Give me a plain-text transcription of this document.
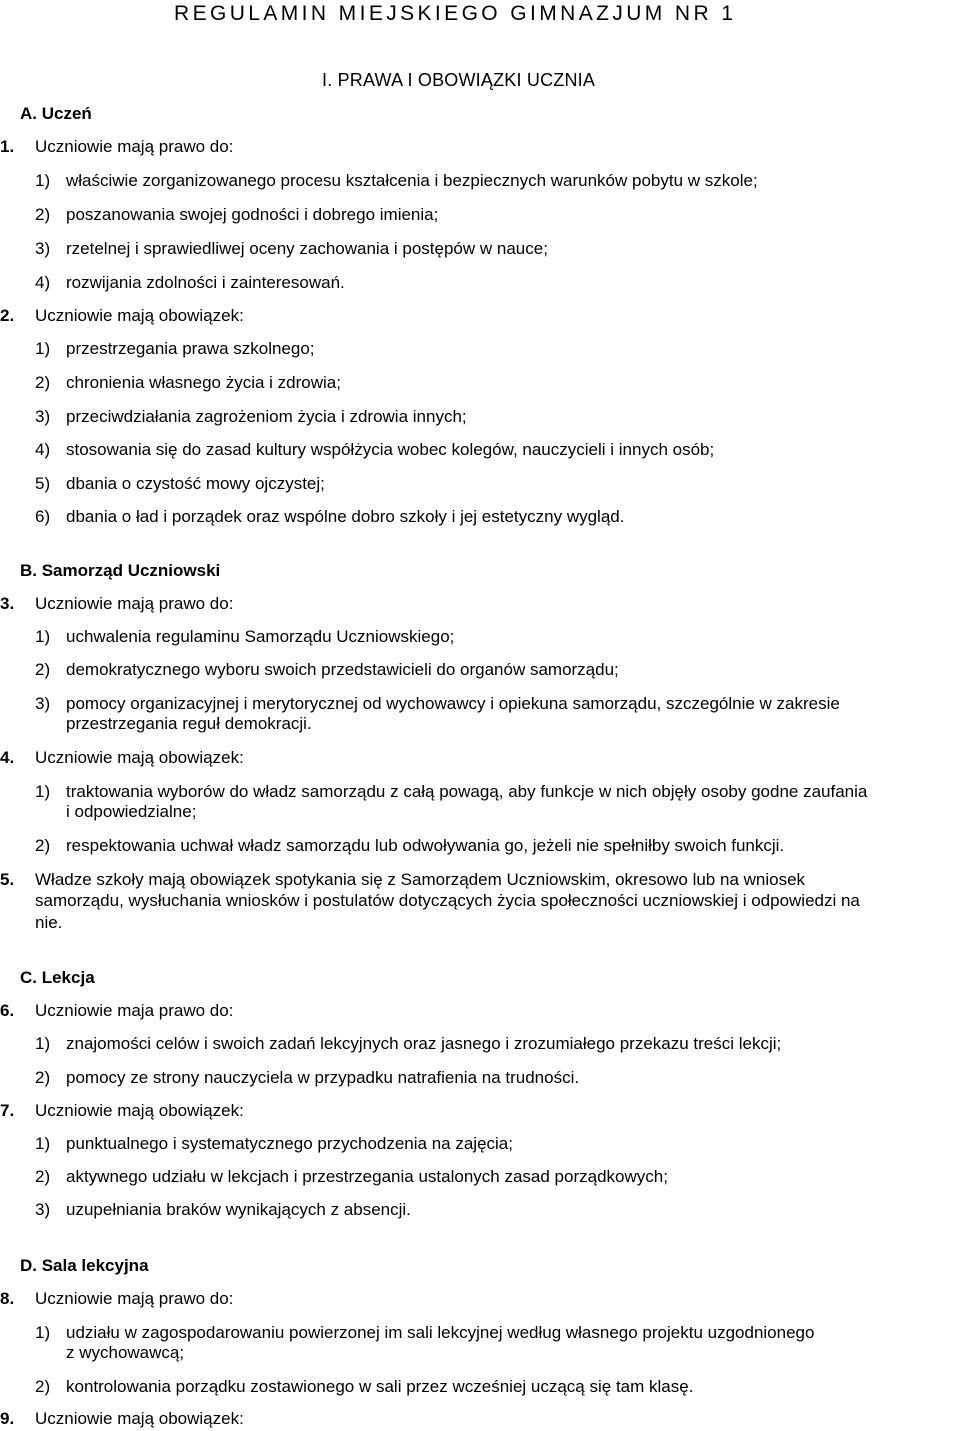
REGULAMIN MIEJSKIEGO GIMNAZJUM NR 1
I. PRAWA I OBOWIĄZKI UCZNIA
A. Uczeń
1.	Uczniowie mają prawo do:
1) właściwie zorganizowanego procesu kształcenia i bezpiecznych warunków pobytu w szkole;
2) poszanowania swojej godności i dobrego imienia;
3) rzetelnej i sprawiedliwej oceny zachowania i postępów w nauce;
4) rozwijania zdolności i zainteresowań.
2.	Uczniowie mają obowiązek:
1) przestrzegania prawa szkolnego;
2) chronienia własnego życia i zdrowia;
3) przeciwdziałania zagrożeniom życia i zdrowia innych;
4) stosowania się do zasad kultury współżycia wobec kolegów, nauczycieli i innych osób;
5) dbania o czystość mowy ojczystej;
6) dbania o ład i porządek oraz wspólne dobro szkoły i jej estetyczny wygląd.
B. Samorząd Uczniowski
3.	Uczniowie mają prawo do:
1) uchwalenia regulaminu Samorządu Uczniowskiego;
2) demokratycznego wyboru swoich przedstawicieli do organów samorządu;
3) pomocy organizacyjnej i merytorycznej od wychowawcy i opiekuna samorządu, szczególnie w zakresie
przestrzegania reguł demokracji.
4.	Uczniowie mają obowiązek:
1) traktowania wyborów do władz samorządu z całą powagą, aby funkcje w nich objęły osoby godne zaufania
i odpowiedzialne;
2) respektowania uchwał władz samorządu lub odwoływania go, jeżeli nie spełniłby swoich funkcji.
5.	Władze szkoły mają obowiązek spotykania się z Samorządem Uczniowskim, okresowo lub na wniosek
samorządu, wysłuchania wniosków i postulatów dotyczących życia społeczności uczniowskiej i odpowiedzi na
nie.
C. Lekcja
6.	Uczniowie maja prawo do:
1) znajomości celów i swoich zadań lekcyjnych oraz jasnego i zrozumiałego przekazu treści lekcji;
2) pomocy ze strony nauczyciela w przypadku natrafienia na trudności.
7.	Uczniowie mają obowiązek:
1) punktualnego i systematycznego przychodzenia na zajęcia;
2) aktywnego udziału w lekcjach i przestrzegania ustalonych zasad porządkowych;
3) uzupełniania braków wynikających z absencji.
D. Sala lekcyjna
8.	Uczniowie mają prawo do:
1) udziału w zagospodarowaniu powierzonej im sali lekcyjnej według własnego projektu uzgodnionego
z wychowawcą;
2) kontrolowania porządku zostawionego w sali przez wcześniej uczącą się tam klasę.
9.	Uczniowie mają obowiązek:
